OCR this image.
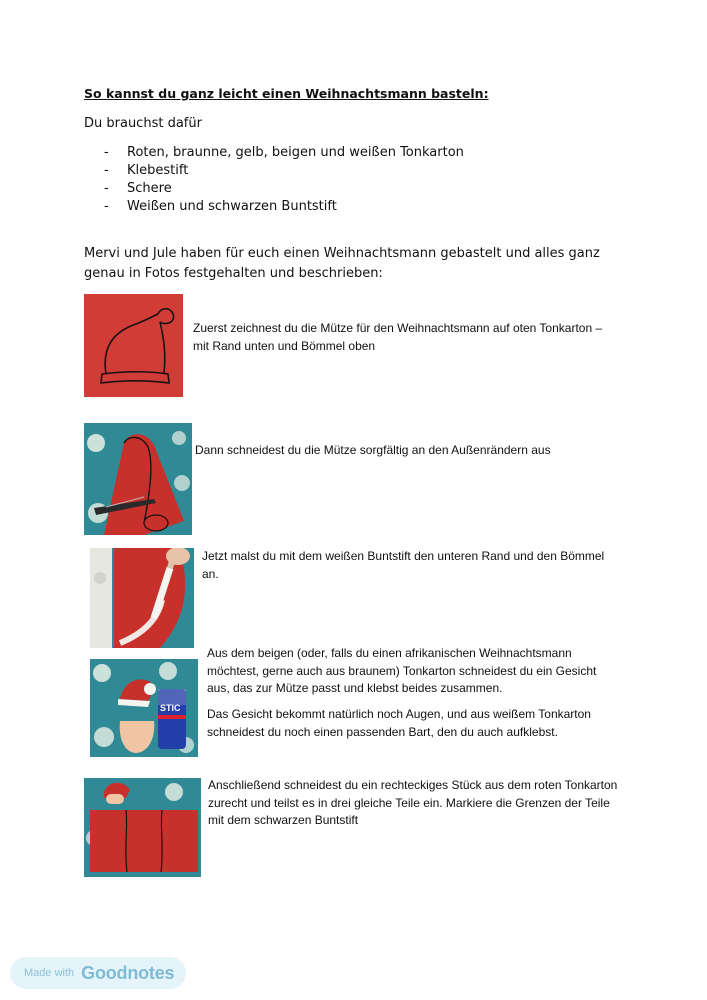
So kannst du ganz leicht einen Weihnachtsmann basteln:
Du brauchst dafür
-	Roten, braunne, gelb, beigen und weißen Tonkarton
-	Klebestift
-	Schere
-	Weißen und schwarzen Buntstift
Mervi und Jule haben für euch einen Weihnachtsmann gebastelt und alles ganz genau in Fotos festgehalten und beschrieben:
Zuerst zeichnest du die Mütze für den Weihnachtsmann auf oten Tonkarton – mit Rand unten und Bömmel oben
Dann schneidest du die Mütze sorgfältig an den Außenrändern aus
Jetzt malst du mit dem weißen Buntstift den unteren Rand und den Bömmel an.
STIC
Aus dem beigen (oder, falls du einen afrikanischen Weihnachtsmann möchtest, gerne auch aus braunem) Tonkarton schneidest du ein Gesicht aus, das zur Mütze passt und klebst beides zusammen.
Das Gesicht bekommt natürlich noch Augen, und aus weißem Tonkarton schneidest du noch einen passenden Bart, den du auch aufklebst.
Anschließend schneidest du ein rechteckiges Stück aus dem roten Tonkarton zurecht und teilst es in drei gleiche Teile ein. Markiere die Grenzen der Teile mit dem schwarzen Buntstift
Made with Goodnotes
